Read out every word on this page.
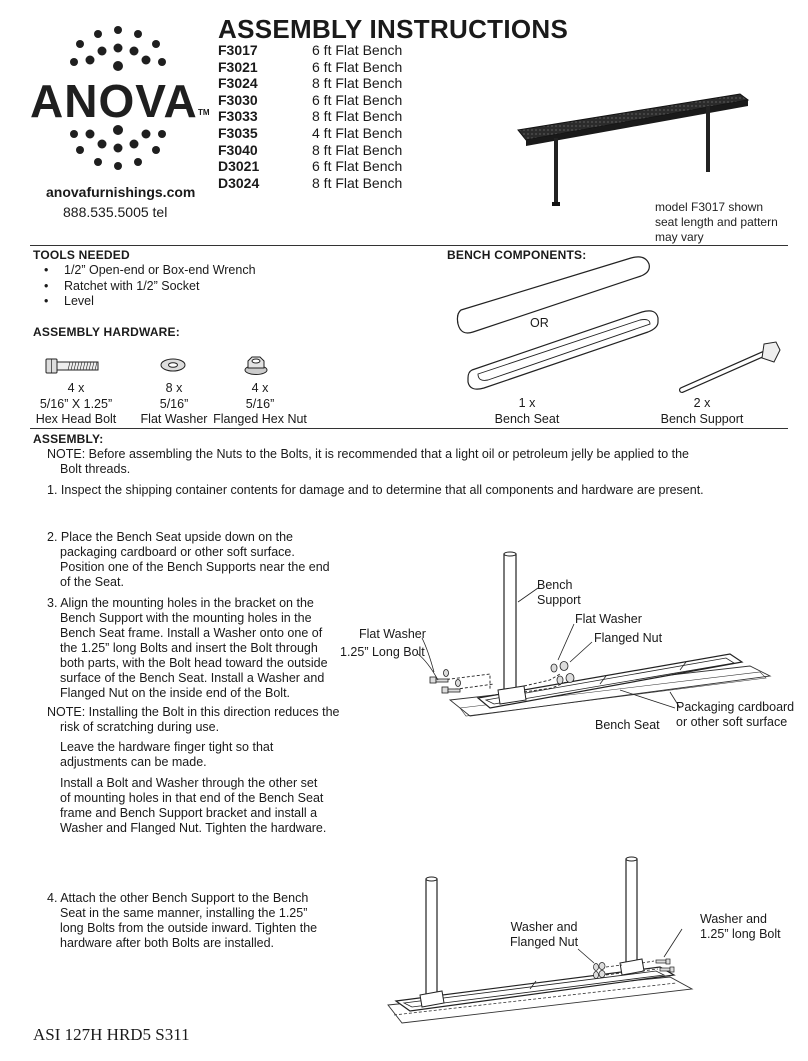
ANOVA TM
anovafurnishings.com
888.535.5005 tel
ASSEMBLY INSTRUCTIONS
F3017	6 ft Flat Bench
F3021	6 ft Flat Bench
F3024	8 ft Flat Bench
F3030	6 ft Flat Bench
F3033	8 ft Flat Bench
F3035	4 ft Flat Bench
F3040	8 ft Flat Bench
D3021	6 ft Flat Bench
D3024	8 ft Flat Bench
model F3017 shown
seat length and pattern
may vary
TOOLS NEEDED
• 1/2” Open-end or Box-end Wrench
• Ratchet with 1/2” Socket
• Level
ASSEMBLY HARDWARE:
4 x
5/16” X 1.25”
Hex Head Bolt
8 x
5/16”
Flat Washer
4 x
5/16”
Flanged Hex Nut
BENCH COMPONENTS:
OR
1 x
Bench Seat
2 x
Bench Support
ASSEMBLY:
NOTE: Before assembling the Nuts to the Bolts, it is recommended that a light oil or petroleum jelly be applied to the
Bolt threads.
1. Inspect the shipping container contents for damage and to determine that all components and hardware are present.
2. Place the Bench Seat upside down on the
packaging cardboard or other soft surface.
Position one of the Bench Supports near the end
of the Seat.
3. Align the mounting holes in the bracket on the
Bench Support with the mounting holes in the
Bench Seat frame. Install a Washer onto one of
the 1.25” long Bolts and insert the Bolt through
both parts, with the Bolt head toward the outside
surface of the Bench Seat. Install a Washer and
Flanged Nut on the inside end of the Bolt.
NOTE: Installing the Bolt in this direction reduces the
risk of scratching during use.
Leave the hardware finger tight so that
adjustments can be made.
Install a Bolt and Washer through the other set
of mounting holes in that end of the Bench Seat
frame and Bench Support bracket and install a
Washer and Flanged Nut. Tighten the hardware.
4. Attach the other Bench Support to the Bench
Seat in the same manner, installing the 1.25”
long Bolts from the outside inward. Tighten the
hardware after both Bolts are installed.
Bench
Support
Flat Washer
Flanged Nut
Flat Washer
1.25” Long Bolt
Packaging cardboard
or other soft surface
Bench Seat
Washer and
Flanged Nut
Washer and
1.25” long Bolt
ASI 127H HRD5 S311
